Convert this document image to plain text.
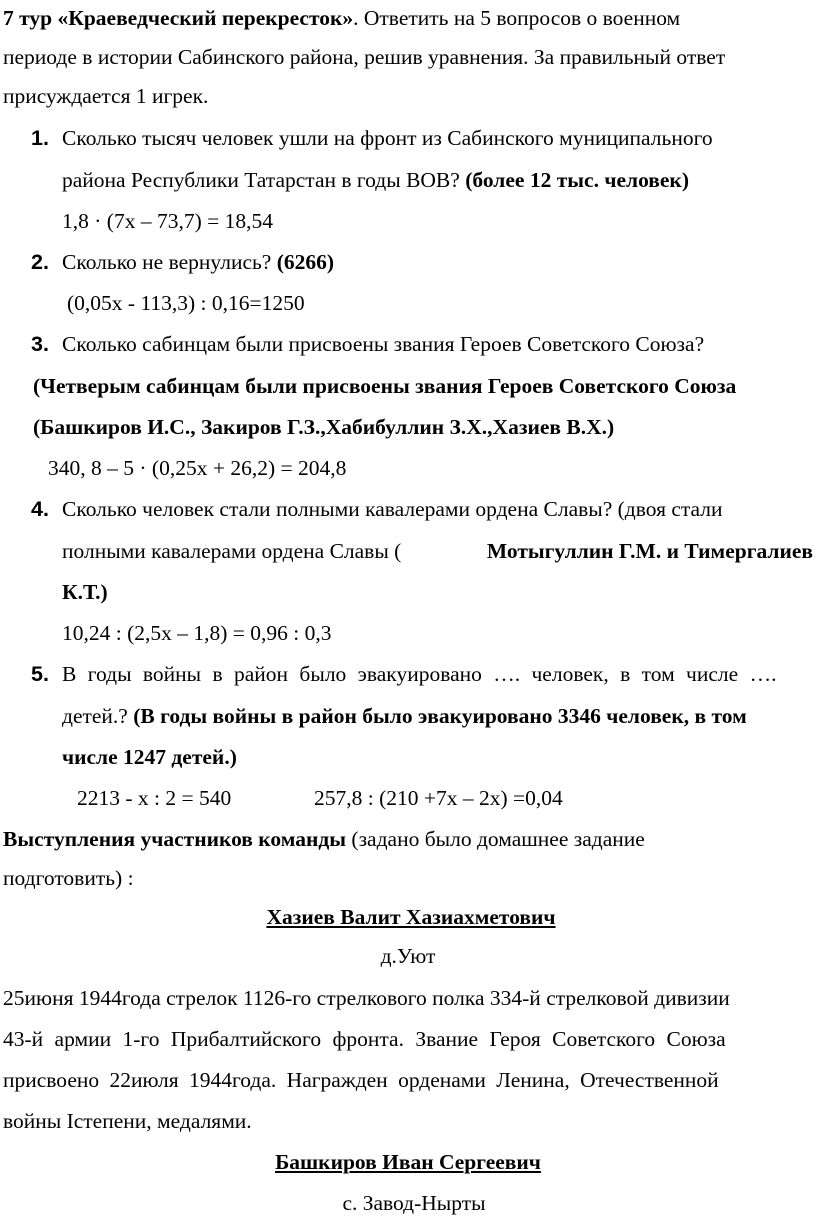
7 тур «Краеведческий перекресток». Ответить на 5 вопросов о военном
периоде в истории Сабинского района, решив уравнения. За правильный ответ
присуждается 1 игрек.
1. Сколько тысяч человек ушли на фронт из Сабинского муниципального
района Республики Татарстан в годы ВОВ? (более 12 тыс. человек)
1,8 · (7x – 73,7) = 18,54
2. Сколько не вернулись? (6266)
(0,05x - 113,3) : 0,16=1250
3. Сколько сабинцам были присвоены звания Героев Советского Союза?
(Четверым сабинцам были присвоены звания Героев Советского Союза
(Башкиров И.С., Закиров Г.З.,Хабибуллин З.Х.,Хазиев В.Х.)
340, 8 – 5 · (0,25x + 26,2) = 204,8
4. Сколько человек стали полными кавалерами ордена Славы? (двоя стали
полными кавалерами ордена Славы (	Мотыгуллин Г.М. и Тимергалиев
К.Т.)
10,24 : (2,5x – 1,8) = 0,96 : 0,3
5. В годы войны в район было эвакуировано …. человек, в том числе ….
детей.? (В годы войны в район было эвакуировано 3346 человек, в том
числе 1247 детей.)
2213 - x : 2 = 540	257,8 : (210 +7x – 2x) =0,04
Выступления участников команды (задано было домашнее задание
подготовить) :
Хазиев Валит Хазиахметович
д.Уют
25июня 1944года стрелок 1126-го стрелкового полка 334-й стрелковой дивизии
43-й армии 1-го Прибалтийского фронта. Звание Героя Советского Союза
присвоено 22июля 1944года. Награжден орденами Ленина, Отечественной
войны Iстепени, медалями.
Башкиров Иван Сергеевич
с. Завод-Нырты
